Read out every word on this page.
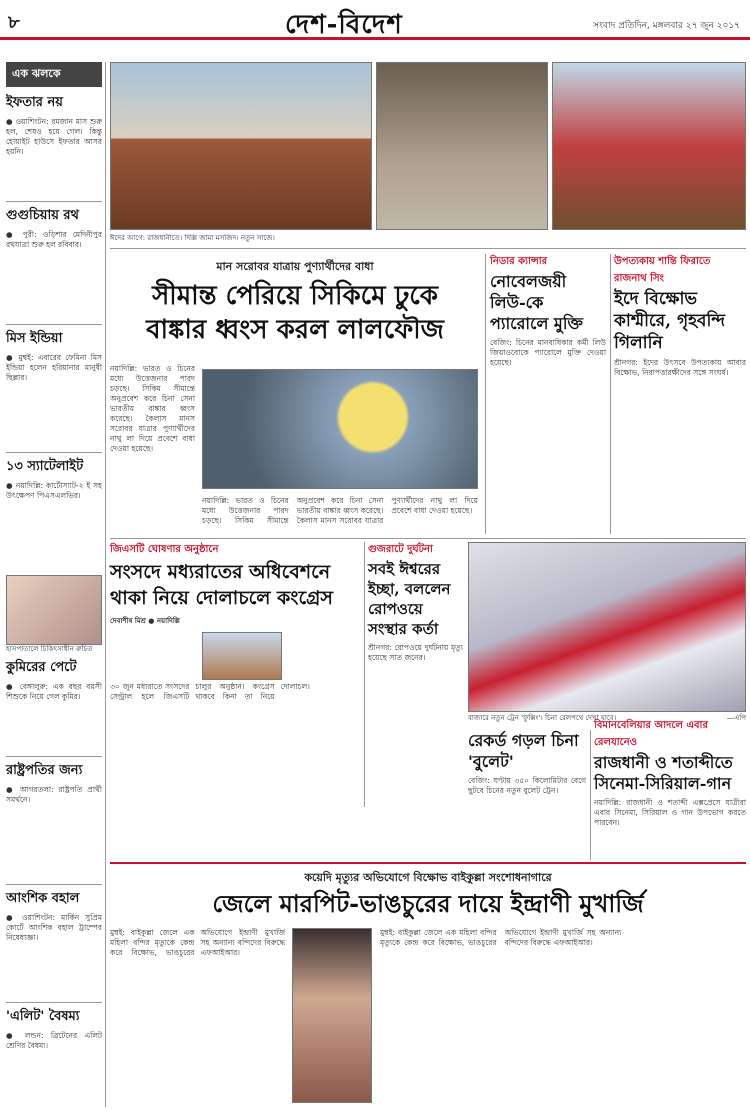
৮	দেশ-বিদেশ	সংবাদ প্রতিদিন, মঙ্গলবার ২৭ জুন ২০১৭
এক ঝলকে
ইফতার নয়
● ওয়াশিংটন: রমজান মাস শুরু হল, শেষও হয়ে গেল। কিন্তু হোয়াইট হাউসে ইফতার আসর হয়নি।
গুগুচিয়ায় রথ
● পুরী: ওড়িশার মেদিনীপুর রথযাত্রা শুরু হল রবিবার।
মিস ইন্ডিয়া
● মুম্বই: এবারের ফেমিনা মিস ইন্ডিয়া হলেন হরিয়ানার মানুষী ছিল্লার।
১৩ স্যাটেলাইট
● নয়াদিল্লি: কার্টোস্যাট-২ ই সহ উৎক্ষেপণ পিএসএলভির।
হাসপাতালে চিকিৎসাধীন রুচিত
কুমিরের পেটে
● বেঙ্গালুরু: এক বছর বয়সী শিশুকে নিয়ে গেল কুমির।
রাষ্ট্রপতির জন্য
● আগরতলা: রাষ্ট্রপতি প্রার্থী সমর্থনে।
আংশিক বহাল
● ওয়াশিংটন: মার্কিন সুপ্রিম কোর্টে আংশিক বহাল ট্রাম্পের নিষেধাজ্ঞা।
'এলিট' বৈষম্য
● লন্ডন: ব্রিটেনের এলিট শ্রেণির বৈষম্য।
ঈদের আগে: রাজধানীতে। দিল্লি জামা মসজিদ। নতুন সাজে।
মান সরোবর যাত্রায় পুণ্যার্থীদের বাধা
সীমান্ত পেরিয়ে সিকিমে ঢুকে
বাঙ্কার ধ্বংস করল লালফৌজ
নয়াদিল্লি: ভারত ও চিনের মধ্যে উত্তেজনার পারদ চড়ছে। সিকিম সীমান্তে অনুপ্রবেশ করে চিনা সেনা ভারতীয় বাঙ্কার ধ্বংস করেছে। কৈলাস মানস সরোবর যাত্রার পুণ্যার্থীদের নাথু লা দিয়ে প্রবেশে বাধা দেওয়া হয়েছে।
নয়াদিল্লি: ভারত ও চিনের মধ্যে উত্তেজনার পারদ চড়ছে। সিকিম সীমান্তে অনুপ্রবেশ করে চিনা সেনা ভারতীয় বাঙ্কার ধ্বংস করেছে। কৈলাস মানস সরোবর যাত্রার পুণ্যার্থীদের নাথু লা দিয়ে প্রবেশে বাধা দেওয়া হয়েছে।
নিডার ক্যান্সার
নোবেলজয়ী লিউ-কে প্যারোলে মুক্তি
বেজিং: চিনের মানবাধিকার কর্মী লিউ জিয়াওবোকে প্যারোলে মুক্তি দেওয়া হয়েছে।
উপত্যকায় শান্তি ফিরাতে রাজনাথ সিং
ইদে বিক্ষোভ কাশ্মীরে, গৃহবন্দি গিলানি
শ্রীনগর: ইদের উৎসবে উপত্যকায় আবার বিক্ষোভ, নিরাপত্তারক্ষীদের সঙ্গে সংঘর্ষ।
জিএসটি ঘোষণার অনুষ্ঠানে
সংসদে মধ্যরাতের অধিবেশনে থাকা নিয়ে দোলাচলে কংগ্রেস
দেবাশীষ মিশ্র ● নয়াদিল্লি
৩০ জুন মধ্যরাতে সংসদের সেন্ট্রাল হলে জিএসটি চালুর অনুষ্ঠান। কংগ্রেস থাকবে কিনা তা নিয়ে দোলাচল।
গুজরাটে দুর্ঘটনা
সবই ঈশ্বরের ইচ্ছা, বললেন রোপওয়ে সংস্থার কর্তা
শ্রীনগর: রোপওয়ে দুর্ঘটনায় মৃত্যু হয়েছে সাত জনের।
বাজারে নতুন ট্রেন 'ফুক্সিং'। চিনা রেলপথে দেখা যাবে।	—এপি
রেকর্ড গড়ল চিনা 'বুলেট'
বেজিং: ঘণ্টায় ৩৫০ কিলোমিটার বেগে ছুটবে চিনের নতুন বুলেট ট্রেন।
বিমানবেলিয়ার আদলে এবার রেলযানেও
রাজধানী ও শতাব্দীতে সিনেমা-সিরিয়াল-গান
নয়াদিল্লি: রাজধানী ও শতাব্দী এক্সপ্রেসে যাত্রীরা এবার সিনেমা, সিরিয়াল ও গান উপভোগ করতে পারবেন।
কয়েদি মৃত্যুর অভিযোগে বিক্ষোভ বাইকুল্লা সংশোধনাগারে
জেলে মারপিট-ভাঙচুরের দায়ে ইন্দ্রাণী মুখার্জি
মুম্বই: বাইকুল্লা জেলে এক মহিলা বন্দির মৃত্যুকে কেন্দ্র করে বিক্ষোভ, ভাঙচুরের অভিযোগে ইন্দ্রাণী মুখার্জি সহ অন্যান্য বন্দিদের বিরুদ্ধে এফআইআর।
মুম্বই: বাইকুল্লা জেলে এক মহিলা বন্দির মৃত্যুকে কেন্দ্র করে বিক্ষোভ, ভাঙচুরের অভিযোগে ইন্দ্রাণী মুখার্জি সহ অন্যান্য বন্দিদের বিরুদ্ধে এফআইআর।
